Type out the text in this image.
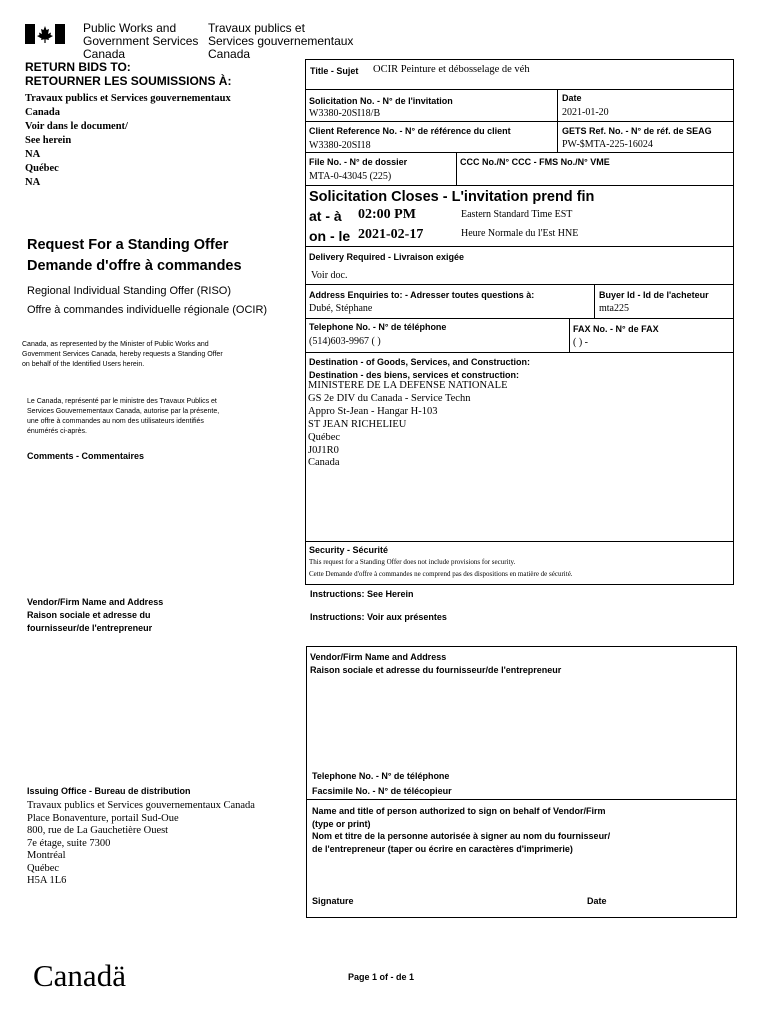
Public Works and
Government Services
Canada
Travaux publics et
Services gouvernementaux
Canada
RETURN BIDS TO:
RETOURNER LES SOUMISSIONS À:
Travaux publics et Services gouvernementaux
Canada
Voir dans le document/
See herein
NA
Québec
NA
Request For a Standing Offer
Demande d'offre à commandes
Regional Individual Standing Offer (RISO)
Offre à commandes individuelle régionale (OCIR)
Canada, as represented by the Minister of Public Works and
Government Services Canada, hereby requests a Standing Offer
on behalf of the Identified Users herein.
Le Canada, représenté par le ministre des Travaux Publics et
Services Gouvernementaux Canada, autorise par la présente,
une offre à commandes au nom des utilisateurs identifiés
énumérés ci-après.
Comments - Commentaires
Vendor/Firm Name and Address
Raison sociale et adresse du
fournisseur/de l'entrepreneur
Issuing Office - Bureau de distribution
Travaux publics et Services gouvernementaux Canada
Place Bonaventure, portail Sud-Oue
800, rue de La Gauchetière Ouest
7e étage, suite 7300
Montréal
Québec
H5A 1L6
Title - Sujet OCIR Peinture et débosselage de véh
Solicitation No. - N° de l'invitation
W3380-20SI18/B
Date
2021-01-20
Client Reference No. - N° de référence du client
W3380-20SI18
GETS Ref. No. - N° de réf. de SEAG
PW-$MTA-225-16024
File No. - N° de dossier
MTA-0-43045 (225)
CCC No./N° CCC - FMS No./N° VME
Solicitation Closes - L'invitation prend fin
at - à 02:00 PM	Eastern Standard Time EST
on - le 2021-02-17	Heure Normale du l'Est HNE
Delivery Required - Livraison exigée
Voir doc.
Address Enquiries to: - Adresser toutes questions à:
Dubé, Stéphane
Buyer Id - Id de l'acheteur
mta225
Telephone No. - N° de téléphone
(514)603-9967 ( )
FAX No. - N° de FAX
( ) -
Destination - of Goods, Services, and Construction:
Destination - des biens, services et construction:
MINISTERE DE LA DEFENSE NATIONALE
GS 2e DIV du Canada - Service Techn
Appro St-Jean - Hangar H-103
ST JEAN RICHELIEU
Québec
J0J1R0
Canada
Security - Sécurité
This request for a Standing Offer does not include provisions for security.
Cette Demande d'offre à commandes ne comprend pas des dispositions en matière de sécurité.
Instructions: See Herein
Instructions: Voir aux présentes
Vendor/Firm Name and Address
Raison sociale et adresse du fournisseur/de l'entrepreneur
Telephone No. - N° de téléphone
Facsimile No. - N° de télécopieur
Name and title of person authorized to sign on behalf of Vendor/Firm
(type or print)
Nom et titre de la personne autorisée à signer au nom du fournisseur/
de l'entrepreneur (taper ou écrire en caractères d'imprimerie)
Signature	Date
Canadä	Page 1 of - de 1
